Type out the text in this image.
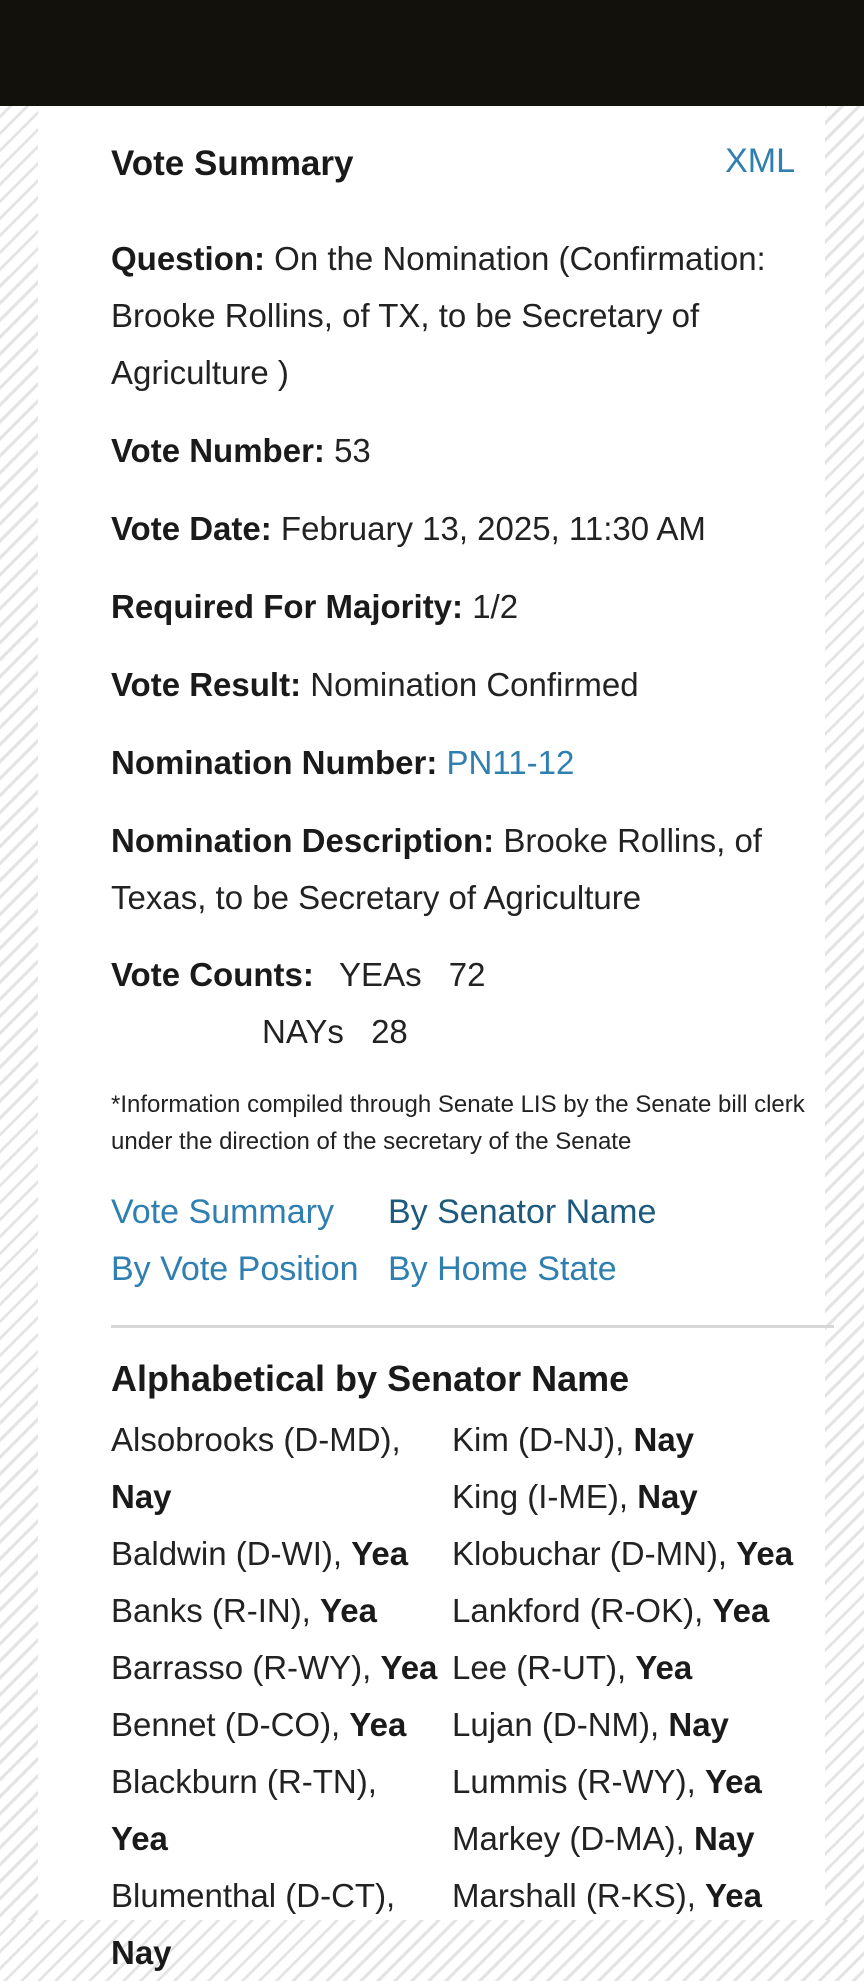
Vote Summary	XML
Question: On the Nomination (Confirmation: Brooke Rollins, of TX, to be Secretary of Agriculture )
Vote Number: 53
Vote Date: February 13, 2025, 11:30 AM
Required For Majority: 1/2
Vote Result: Nomination Confirmed
Nomination Number: PN11-12
Nomination Description: Brooke Rollins, of Texas, to be Secretary of Agriculture
Vote Counts: YEAs 72
NAYs 28
*Information compiled through Senate LIS by the Senate bill clerk under the direction of the secretary of the Senate
Vote Summary By Senator Name
By Vote Position By Home State
Alphabetical by Senator Name
Alsobrooks (D-MD),
Nay
Baldwin (D-WI), Yea
Banks (R-IN), Yea
Barrasso (R-WY), Yea
Bennet (D-CO), Yea
Blackburn (R-TN), Yea
Blumenthal (D-CT),
Nay
Kim (D-NJ), Nay
King (I-ME), Nay
Klobuchar (D-MN), Yea
Lankford (R-OK), Yea
Lee (R-UT), Yea
Lujan (D-NM), Nay
Lummis (R-WY), Yea
Markey (D-MA), Nay
Marshall (R-KS), Yea
